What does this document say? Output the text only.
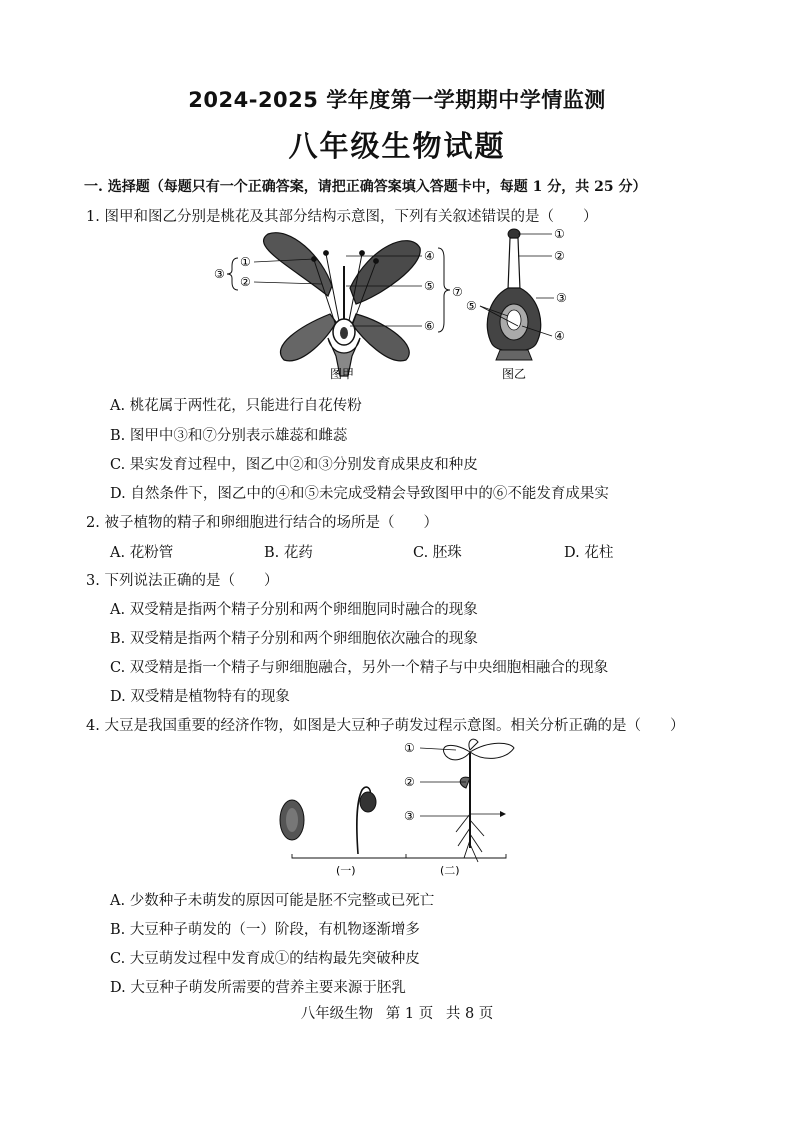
2024-2025 学年度第一学期期中学情监测
八年级生物试题
一. 选择题（每题只有一个正确答案，请把正确答案填入答题卡中，每题 1 分，共 25 分）
1. 图甲和图乙分别是桃花及其部分结构示意图，下列有关叙述错误的是（　　）
③
①
②
④
⑤
⑥
⑦
图甲
①
②
③
④
⑤
图乙
A. 桃花属于两性花，只能进行自花传粉
B. 图甲中③和⑦分别表示雄蕊和雌蕊
C. 果实发育过程中，图乙中②和③分别发育成果皮和种皮
D. 自然条件下，图乙中的④和⑤未完成受精会导致图甲中的⑥不能发育成果实
2. 被子植物的精子和卵细胞进行结合的场所是（　　）
A. 花粉管	B. 花药	C. 胚珠	D. 花柱
3. 下列说法正确的是（　　）
A. 双受精是指两个精子分别和两个卵细胞同时融合的现象
B. 双受精是指两个精子分别和两个卵细胞依次融合的现象
C. 双受精是指一个精子与卵细胞融合，另外一个精子与中央细胞相融合的现象
D. 双受精是植物特有的现象
4. 大豆是我国重要的经济作物，如图是大豆种子萌发过程示意图。相关分析正确的是（　　）
①
②
③
(一)	(二)
A. 少数种子未萌发的原因可能是胚不完整或已死亡
B. 大豆种子萌发的（一）阶段，有机物逐渐增多
C. 大豆萌发过程中发育成①的结构最先突破种皮
D. 大豆种子萌发所需要的营养主要来源于胚乳
八年级生物 第 1 页 共 8 页
